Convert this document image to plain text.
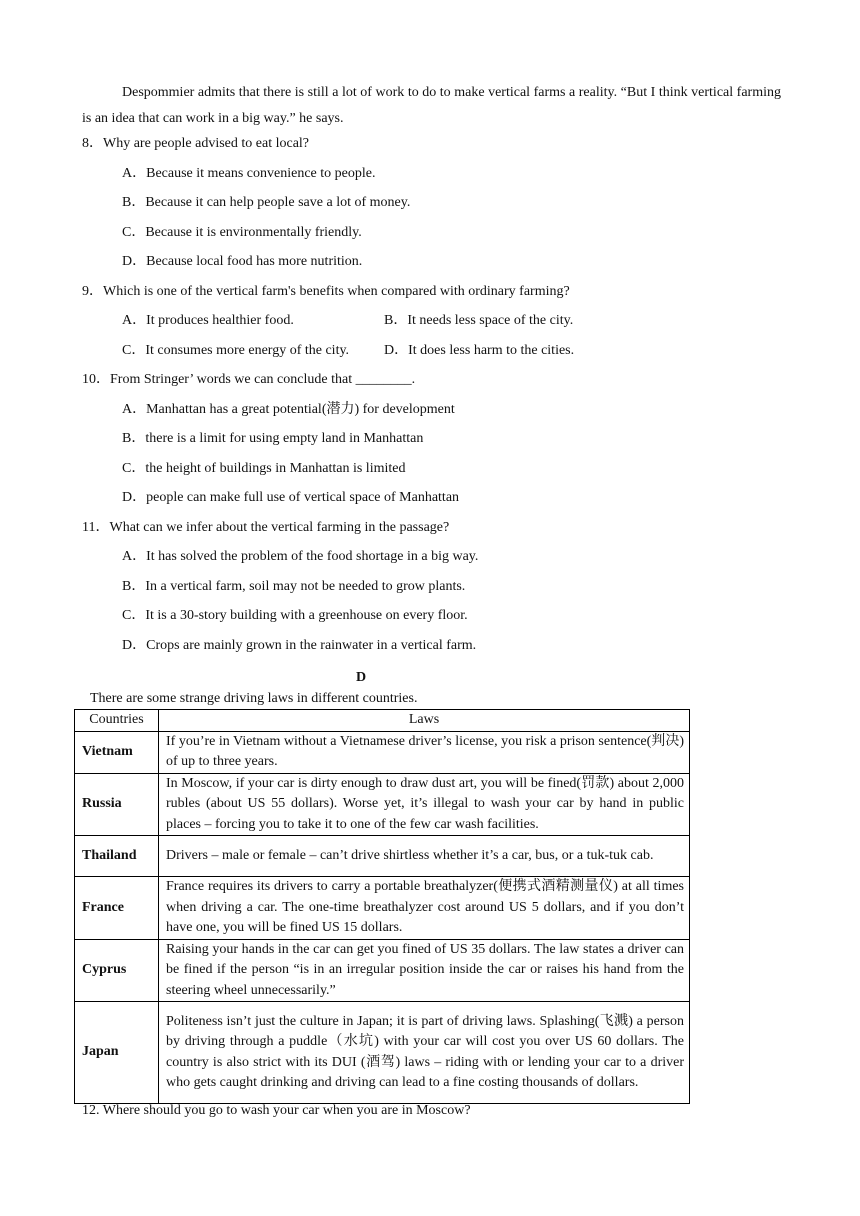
Despommier admits that there is still a lot of work to do to make vertical farms a reality. “But I think vertical farming is an idea that can work in a big way.” he says.

8．Why are people advised to eat local?

A．Because it means convenience to people.

B．Because it can help people save a lot of money.

C．Because it is environmentally friendly.

D．Because local food has more nutrition.

9．Which is one of the vertical farm's benefits when compared with ordinary farming?

A．It produces healthier food.	B．It needs less space of the city.

C．It consumes more energy of the city. D．It does less harm to the cities.

10．From Stringer’ words we can conclude that ________.

A．Manhattan has a great potential(潜力) for development

B．there is a limit for using empty land in Manhattan

C．the height of buildings in Manhattan is limited

D．people can make full use of vertical space of Manhattan

11．What can we infer about the vertical farming in the passage?

A．It has solved the problem of the food shortage in a big way.

B．In a vertical farm, soil may not be needed to grow plants.

C．It is a 30-story building with a greenhouse on every floor.

D．Crops are mainly grown in the rainwater in a vertical farm.

D

There are some strange driving laws in different countries.

Countries	Laws
Vietnam	If you’re in Vietnam without a Vietnamese driver’s license, you risk a prison sentence(判决) of up to three years.
Russia	In Moscow, if your car is dirty enough to draw dust art, you will be fined(罚款) about 2,000 rubles (about US 55 dollars). Worse yet, it’s illegal to wash your car by hand in public places – forcing you to take it to one of the few car wash facilities.
Thailand	Drivers – male or female – can’t drive shirtless whether it’s a car, bus, or a tuk-tuk cab.
France	France requires its drivers to carry a portable breathalyzer(便携式酒精测量仪) at all times when driving a car. The one-time breathalyzer cost around US 5 dollars, and if you don’t have one, you will be fined US 15 dollars.
Cyprus	Raising your hands in the car can get you fined of US 35 dollars. The law states a driver can be fined if the person “is in an irregular position inside the car or raises his hand from the steering wheel unnecessarily.”
Japan	Politeness isn’t just the culture in Japan; it is part of driving laws. Splashing(飞溅) a person by driving through a puddle（水坑) with your car will cost you over US 60 dollars. The country is also strict with its DUI (酒驾) laws – riding with or lending your car to a driver who gets caught drinking and driving can lead to a fine costing thousands of dollars.

12. Where should you go to wash your car when you are in Moscow?
